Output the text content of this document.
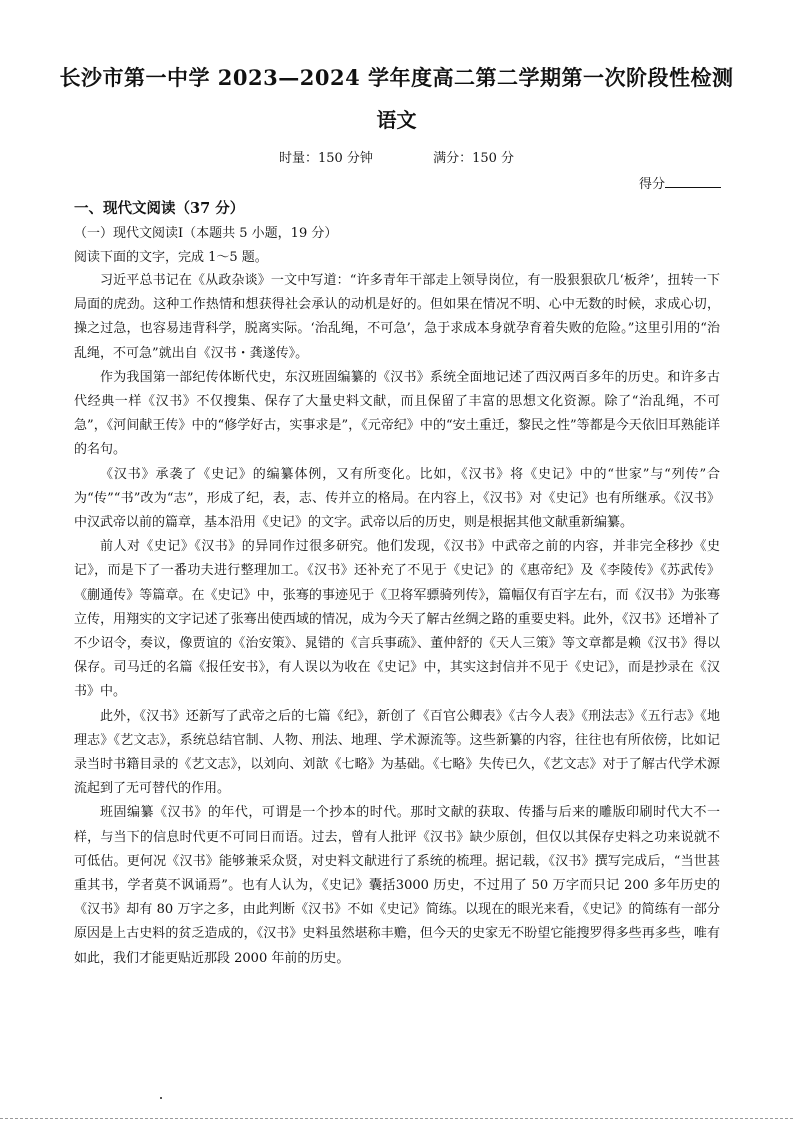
长沙市第一中学 2023—2024 学年度高二第二学期第一次阶段性检测
语文
时量：150 分钟	满分：150 分
得分
一、现代文阅读（37 分）
（一）现代文阅读Ⅰ（本题共 5 小题，19 分）
阅读下面的文字，完成 1～5 题。

习近平总书记在《从政杂谈》一文中写道：“许多青年干部走上领导岗位，有一股狠狠砍几‘板斧’，扭转一下局面的虎劲。这种工作热情和想获得社会承认的动机是好的。但如果在情况不明、心中无数的时候，求成心切，操之过急，也容易违背科学，脱离实际。‘治乱绳，不可急’，急于求成本身就孕育着失败的危险。”这里引用的“治乱绳，不可急”就出自《汉书・龚遂传》。

作为我国第一部纪传体断代史，东汉班固编纂的《汉书》系统全面地记述了西汉两百多年的历史。和许多古代经典一样《汉书》不仅搜集、保存了大量史料文献，而且保留了丰富的思想文化资源。除了“治乱绳，不可急”，《河间献王传》中的“修学好古，实事求是”，《元帝纪》中的“安土重迁，黎民之性”等都是今天依旧耳熟能详的名句。

《汉书》承袭了《史记》的编纂体例，又有所变化。比如，《汉书》将《史记》中的“世家”与“列传”合为“传”“书”改为“志”，形成了纪，表，志、传并立的格局。在内容上，《汉书》对《史记》也有所继承。《汉书》中汉武帝以前的篇章，基本沿用《史记》的文字。武帝以后的历史，则是根据其他文献重新编纂。

前人对《史记》《汉书》的异同作过很多研究。他们发现，《汉书》中武帝之前的内容，并非完全移抄《史记》，而是下了一番功夫进行整理加工。《汉书》还补充了不见于《史记》的《惠帝纪》及《李陵传》《苏武传》《蒯通传》等篇章。在《史记》中，张骞的事迹见于《卫将军骠骑列传》，篇幅仅有百字左右，而《汉书》为张骞立传，用翔实的文字记述了张骞出使西域的情况，成为今天了解古丝绸之路的重要史料。此外，《汉书》还增补了不少诏令，奏议，像贾谊的《治安策》、晁错的《言兵事疏》、董仲舒的《天人三策》等文章都是赖《汉书》得以保存。司马迁的名篇《报任安书》，有人误以为收在《史记》中，其实这封信并不见于《史记》，而是抄录在《汉书》中。

此外，《汉书》还新写了武帝之后的七篇《纪》，新创了《百官公卿表》《古今人表》《刑法志》《五行志》《地理志》《艺文志》，系统总结官制、人物、刑法、地理、学术源流等。这些新纂的内容，往往也有所依傍，比如记录当时书籍目录的《艺文志》，以刘向、刘歆《七略》为基础。《七略》失传已久，《艺文志》对于了解古代学术源流起到了无可替代的作用。

班固编纂《汉书》的年代，可谓是一个抄本的时代。那时文献的获取、传播与后来的雕版印刷时代大不一样，与当下的信息时代更不可同日而语。过去，曾有人批评《汉书》缺少原创，但仅以其保存史料之功来说就不可低估。更何况《汉书》能够兼采众贤，对史料文献进行了系统的梳理。据记载，《汉书》撰写完成后，“当世甚重其书，学者莫不讽诵焉”。也有人认为，《史记》囊括3000 历史，不过用了 50 万字而只记 200 多年历史的《汉书》却有 80 万字之多，由此判断《汉书》不如《史记》简练。以现在的眼光来看，《史记》的简练有一部分原因是上古史料的贫乏造成的，《汉书》史料虽然堪称丰赡，但今天的史家无不盼望它能搜罗得多些再多些，唯有如此，我们才能更贴近那段 2000 年前的历史。
